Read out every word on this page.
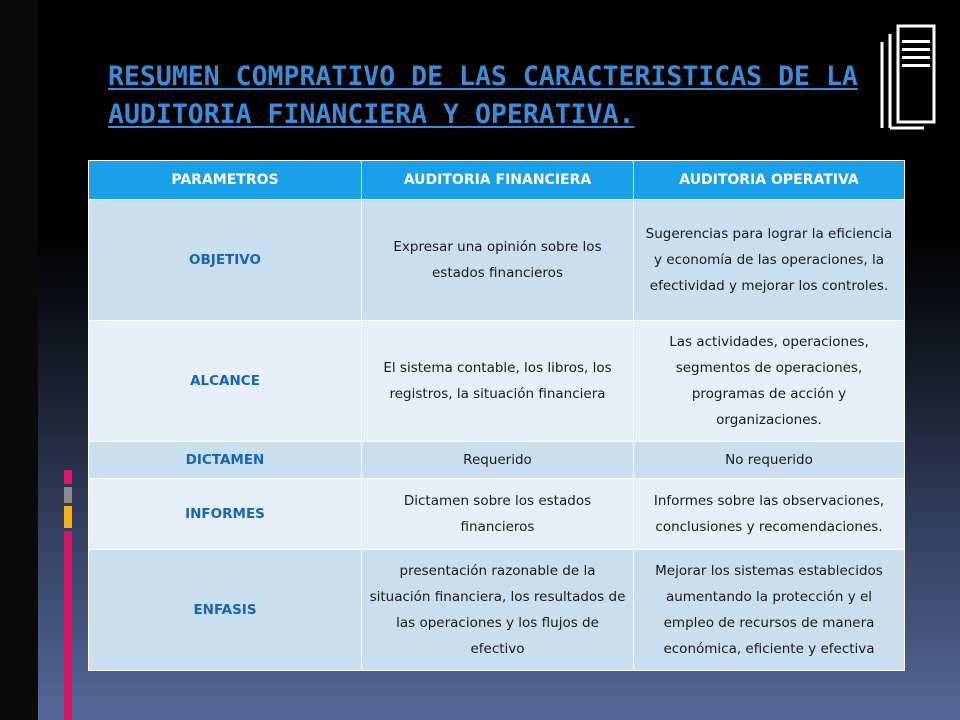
RESUMEN COMPRATIVO DE LAS CARACTERISTICAS DE LA AUDITORIA FINANCIERA Y OPERATIVA.
PARAMETROS	AUDITORIA FINANCIERA	AUDITORIA OPERATIVA
OBJETIVO	Expresar una opinión sobre los estados financieros	Sugerencias para lograr la eficiencia y economía de las operaciones, la efectividad y mejorar los controles.
ALCANCE	El sistema contable, los libros, los registros, la situación financiera	Las actividades, operaciones, segmentos de operaciones, programas de acción y organizaciones.
DICTAMEN	Requerido	No requerido
INFORMES	Dictamen sobre los estados financieros	Informes sobre las observaciones, conclusiones y recomendaciones.
ENFASIS	presentación razonable de la situación financiera, los resultados de las operaciones y los flujos de efectivo	Mejorar los sistemas establecidos aumentando la protección y el empleo de recursos de manera económica, eficiente y efectiva
